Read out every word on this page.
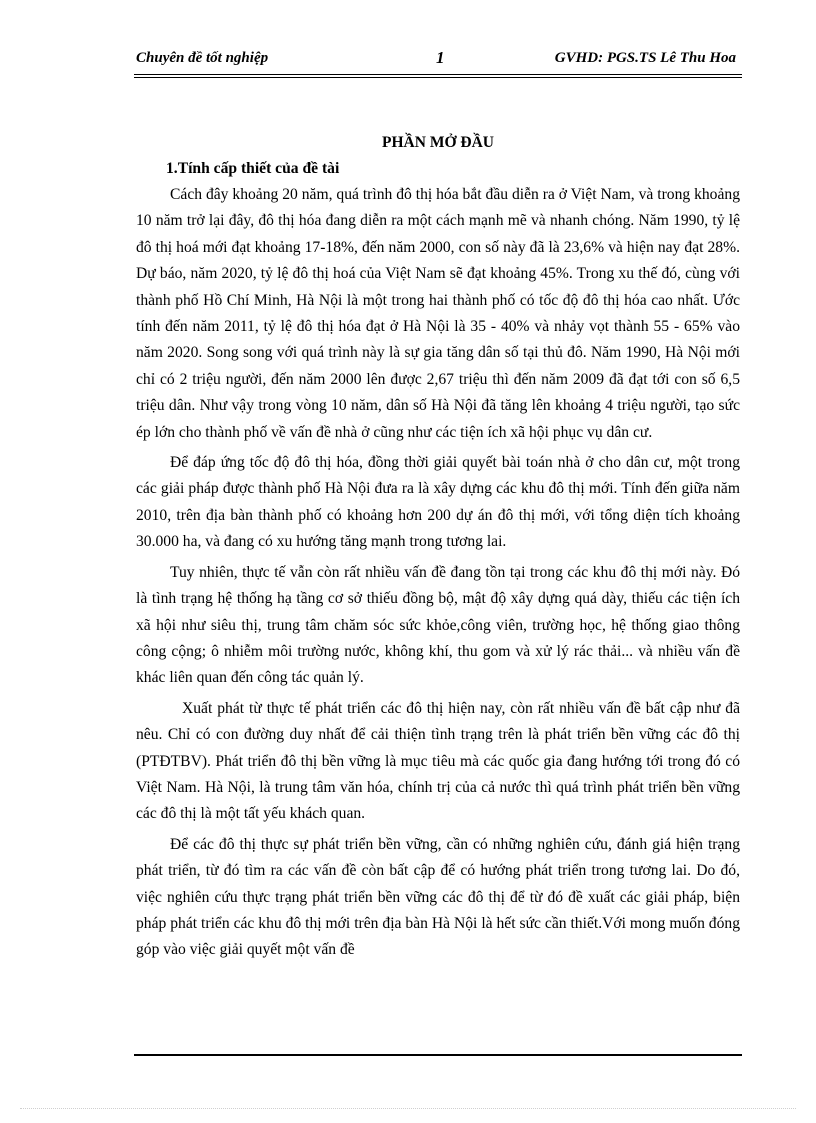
Chuyên đề tốt nghiệp	1	GVHD: PGS.TS Lê Thu Hoa

PHẦN MỞ ĐẦU

1.Tính cấp thiết của đề tài

Cách đây khoảng 20 năm, quá trình đô thị hóa bắt đầu diễn ra ở Việt Nam, và trong khoảng 10 năm trở lại đây, đô thị hóa đang diễn ra một cách mạnh mẽ và nhanh chóng. Năm 1990, tỷ lệ đô thị hoá mới đạt khoảng 17-18%, đến năm 2000, con số này đã là 23,6% và hiện nay đạt 28%. Dự báo, năm 2020, tỷ lệ đô thị hoá của Việt Nam sẽ đạt khoảng 45%. Trong xu thế đó, cùng với thành phố Hồ Chí Minh, Hà Nội là một trong hai thành phố có tốc độ đô thị hóa cao nhất. Ước tính đến năm 2011, tỷ lệ đô thị hóa đạt ở Hà Nội là 35 - 40% và nhảy vọt thành 55 - 65% vào năm 2020. Song song với quá trình này là sự gia tăng dân số tại thủ đô. Năm 1990, Hà Nội mới chỉ có 2 triệu người, đến năm 2000 lên được 2,67 triệu thì đến năm 2009 đã đạt tới con số 6,5 triệu dân. Như vậy trong vòng 10 năm, dân số Hà Nội đã tăng lên khoảng 4 triệu người, tạo sức ép lớn cho thành phố về vấn đề nhà ở cũng như các tiện ích xã hội phục vụ dân cư.

Để đáp ứng tốc độ đô thị hóa, đồng thời giải quyết bài toán nhà ở cho dân cư, một trong các giải pháp được thành phố Hà Nội đưa ra là xây dựng các khu đô thị mới. Tính đến giữa năm 2010, trên địa bàn thành phố có khoảng hơn 200 dự án đô thị mới, với tổng diện tích khoảng 30.000 ha, và đang có xu hướng tăng mạnh trong tương lai.

Tuy nhiên, thực tế vẫn còn rất nhiều vấn đề đang tồn tại trong các khu đô thị mới này. Đó là tình trạng hệ thống hạ tầng cơ sở thiếu đồng bộ, mật độ xây dựng quá dày, thiếu các tiện ích xã hội như siêu thị, trung tâm chăm sóc sức khỏe,công viên, trường học, hệ thống giao thông công cộng; ô nhiễm môi trường nước, không khí, thu gom và xử lý rác thải... và nhiều vấn đề khác liên quan đến công tác quản lý.

Xuất phát từ thực tế phát triển các đô thị hiện nay, còn rất nhiều vấn đề bất cập như đã nêu. Chỉ có con đường duy nhất để cải thiện tình trạng trên là phát triển bền vững các đô thị (PTĐTBV). Phát triển đô thị bền vững là mục tiêu mà các quốc gia đang hướng tới trong đó có Việt Nam. Hà Nội, là trung tâm văn hóa, chính trị của cả nước thì quá trình phát triển bền vững các đô thị là một tất yếu khách quan.

Để các đô thị thực sự phát triển bền vững, cần có những nghiên cứu, đánh giá hiện trạng phát triển, từ đó tìm ra các vấn đề còn bất cập để có hướng phát triển trong tương lai. Do đó, việc nghiên cứu thực trạng phát triển bền vững các đô thị để từ đó đề xuất các giải pháp, biện pháp phát triển các khu đô thị mới trên địa bàn Hà Nội là hết sức cần thiết.Với mong muốn đóng góp vào việc giải quyết một vấn đề
